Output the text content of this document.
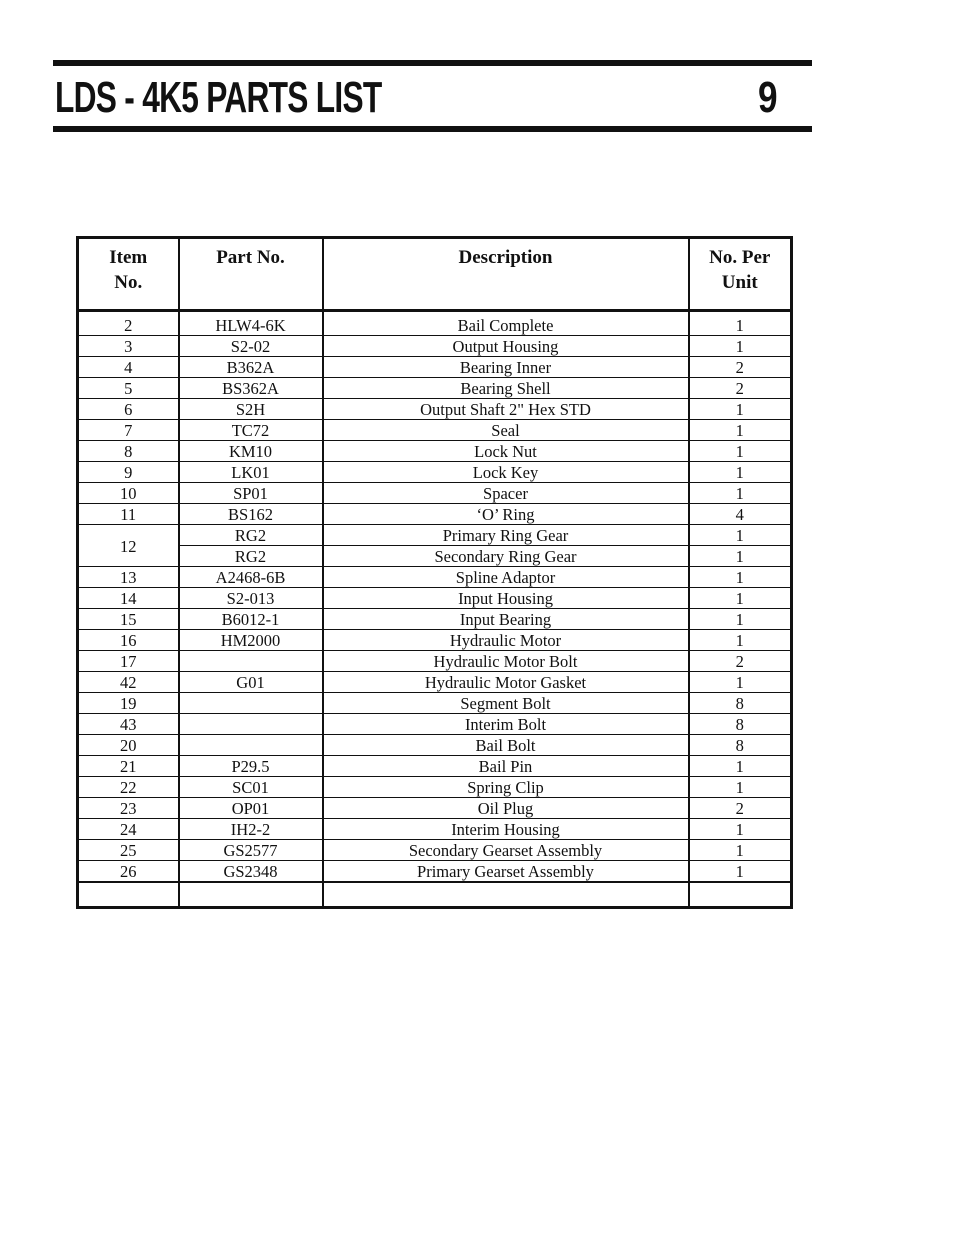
LDS - 4K5 PARTS LIST	9
Item No.	Part No.	Description	No. Per Unit
2	HLW4-6K	Bail Complete	1
3	S2-02	Output Housing	1
4	B362A	Bearing Inner	2
5	BS362A	Bearing Shell	2
6	S2H	Output Shaft 2" Hex STD	1
7	TC72	Seal	1
8	KM10	Lock Nut	1
9	LK01	Lock Key	1
10	SP01	Spacer	1
11	BS162	‘O’ Ring	4
12	RG2	Primary Ring Gear	1
	RG2	Secondary Ring Gear	1
13	A2468-6B	Spline Adaptor	1
14	S2-013	Input Housing	1
15	B6012-1	Input Bearing	1
16	HM2000	Hydraulic Motor	1
17		Hydraulic Motor Bolt	2
42	G01	Hydraulic Motor Gasket	1
19		Segment Bolt	8
43		Interim Bolt	8
20		Bail Bolt	8
21	P29.5	Bail Pin	1
22	SC01	Spring Clip	1
23	OP01	Oil Plug	2
24	IH2-2	Interim Housing	1
25	GS2577	Secondary Gearset Assembly	1
26	GS2348	Primary Gearset Assembly	1
